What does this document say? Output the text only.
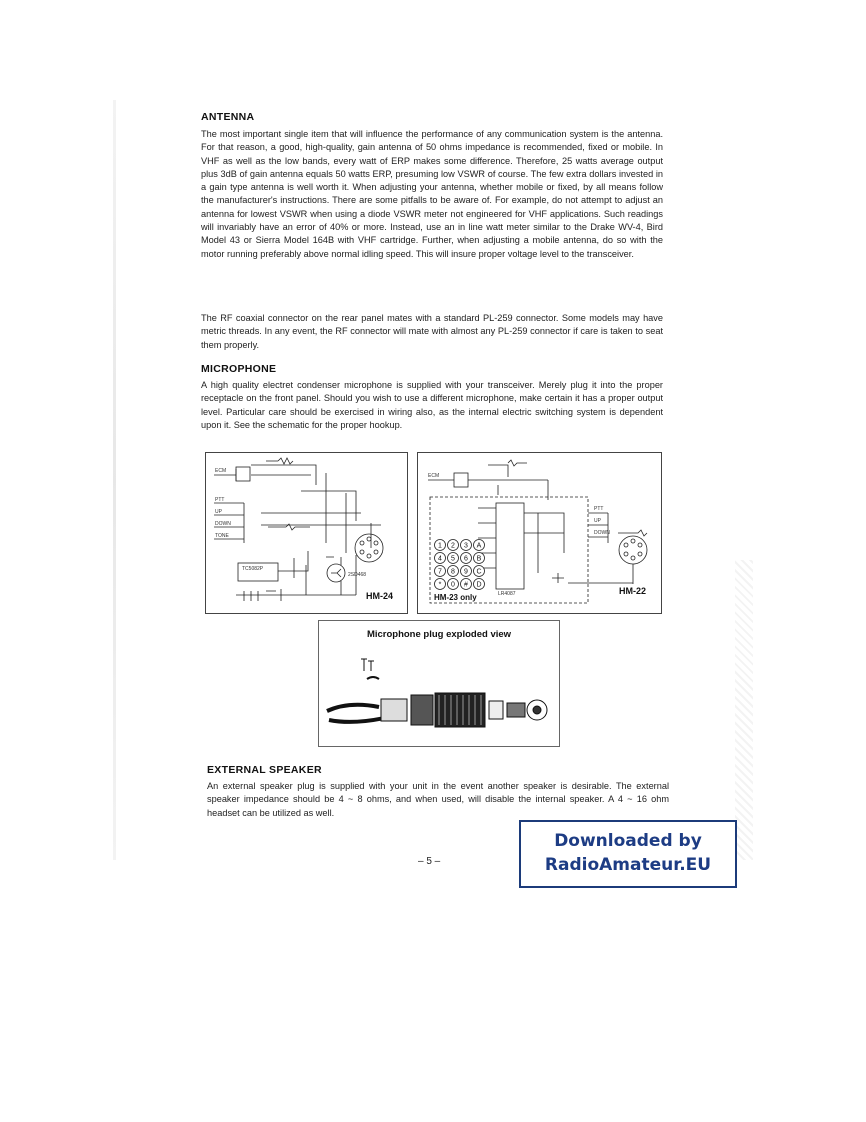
ANTENNA

The most important single item that will influence the performance of any communication system is the antenna. For that reason, a good, high-quality, gain antenna of 50 ohms impedance is recommended, fixed or mobile. In VHF as well as the low bands, every watt of ERP makes some difference. Therefore, 25 watts average output plus 3dB of gain antenna equals 50 watts ERP, presuming low VSWR of course. The few extra dollars invested in a gain type antenna is well worth it. When adjusting your antenna, whether mobile or fixed, by all means follow the manufacturer's instructions. There are some pitfalls to be aware of. For example, do not attempt to adjust an antenna for lowest VSWR when using a diode VSWR meter not engineered for VHF applications. Such readings will invariably have an error of 40% or more. Instead, use an in line watt meter similar to the Drake WV-4, Bird Model 43 or Sierra Model 164B with VHF cartridge. Further, when adjusting a mobile antenna, do so with the motor running preferably above normal idling speed. This will insure proper voltage level to the transceiver.

The RF coaxial connector on the rear panel mates with a standard PL-259 connector. Some models may have metric threads. In any event, the RF connector will mate with almost any PL-259 connector if care is taken to seat them properly.

MICROPHONE

A high quality electret condenser microphone is supplied with your transceiver. Merely plug it into the proper receptacle on the front panel. Should you wish to use a different microphone, make certain it has a proper output level. Particular care should be exercised in wiring also, as the internal electric switching system is dependent upon it. See the schematic for the proper hookup.

ECM
PTT
UP
DOWN
TONE
TC5082P
2SD468
HM-24
ECM
PTT
UP
DOWN
LR4087
1 2 3 A
4 5 6 B
7 8 9 C
* 0 # D
HM-23 only
HM-22
Microphone plug exploded view
EXTERNAL SPEAKER

An external speaker plug is supplied with your unit in the event another speaker is desirable. The external speaker impedance should be 4 ~ 8 ohms, and when used, will disable the internal speaker. A 4 ~ 16 ohm headset can be utilized as well.

– 5 –
Downloaded by
RadioAmateur.EU
